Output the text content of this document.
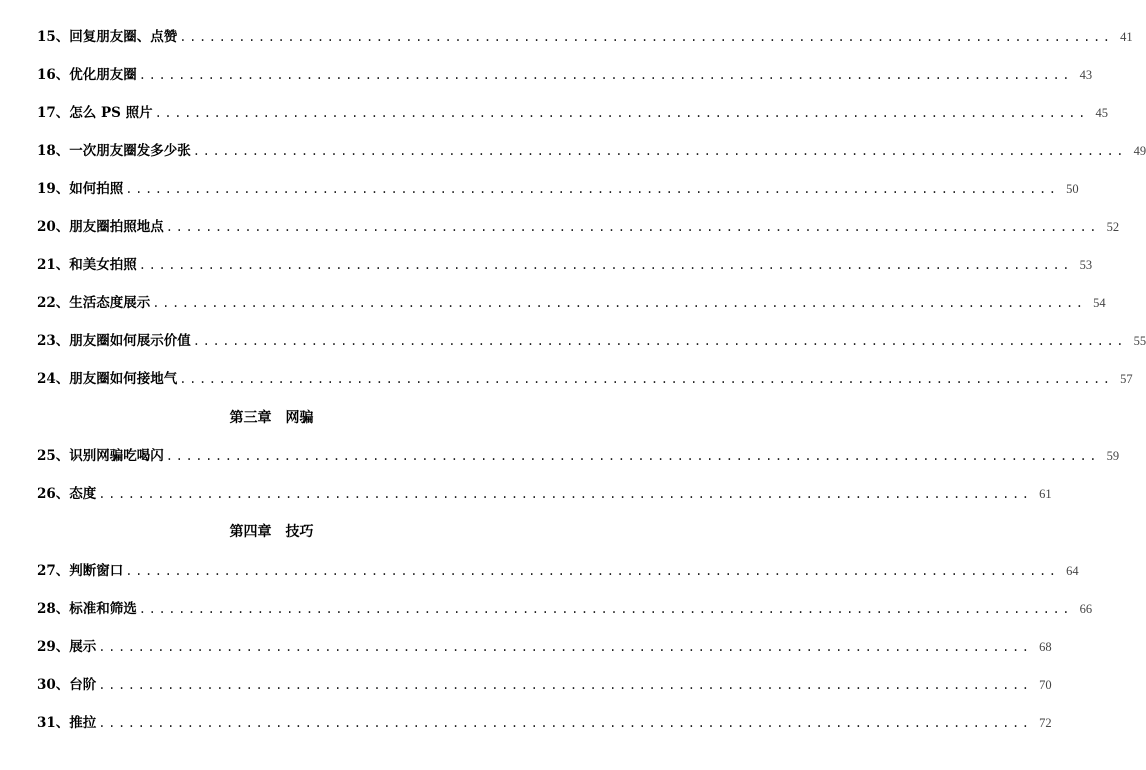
15、回复朋友圈、点赞 ............................................................................................... 41
16、优化朋友圈 ............................................................................................... 43
17、怎么 PS 照片 ............................................................................................... 45
18、一次朋友圈发多少张 ............................................................................................... 49
19、如何拍照 ............................................................................................... 50
20、朋友圈拍照地点 ............................................................................................... 52
21、和美女拍照 ............................................................................................... 53
22、生活态度展示 ............................................................................................... 54
23、朋友圈如何展示价值 ............................................................................................... 55
24、朋友圈如何接地气 ............................................................................................... 57
第三章 网骗
25、识别网骗吃喝闪 ............................................................................................... 59
26、态度 ............................................................................................... 61
第四章 技巧
27、判断窗口 ............................................................................................... 64
28、标准和筛选 ............................................................................................... 66
29、展示 ............................................................................................... 68
30、台阶 ............................................................................................... 70
31、推拉 ............................................................................................... 72
